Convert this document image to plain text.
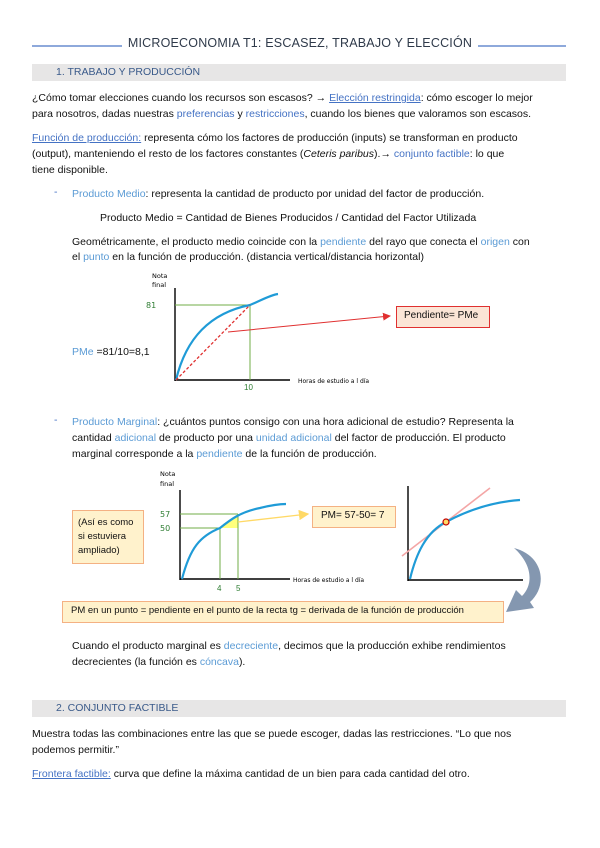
MICROECONOMIA T1: ESCASEZ, TRABAJO Y ELECCIÓN
1. TRABAJO Y PRODUCCIÓN
¿Cómo tomar elecciones cuando los recursos son escasos? → Elección restringida: cómo escoger lo mejor
para nosotros, dadas nuestras preferencias y restricciones, cuando los bienes que valoramos son escasos.
Función de producción: representa cómo los factores de producción (inputs) se transforman en producto
(output), manteniendo el resto de los factores constantes (Ceteris paribus).→ conjunto factible: lo que
tiene disponible.
- Producto Medio: representa la cantidad de producto por unidad del factor de producción.
Producto Medio = Cantidad de Bienes Producidos / Cantidad del Factor Utilizada
Geométricamente, el producto medio coincide con la pendiente del rayo que conecta el origen con
el punto en la función de producción. (distancia vertical/distancia horizontal)
Nota
final
81
Horas de estudio a l día
10
Pendiente= PMe
PMe =81/10=8,1
- Producto Marginal: ¿cuántos puntos consigo con una hora adicional de estudio? Representa la
cantidad adicional de producto por una unidad adicional del factor de producción. El producto
marginal corresponde a la pendiente de la función de producción.
(Así es como
si estuviera
ampliado)
Nota
final
57
50
Horas de estudio a l día
4 5
PM= 57-50= 7
PM en un punto = pendiente en el punto de la recta tg = derivada de la función de producción
Cuando el producto marginal es decreciente, decimos que la producción exhibe rendimientos
decrecientes (la función es cóncava).
2. CONJUNTO FACTIBLE
Muestra todas las combinaciones entre las que se puede escoger, dadas las restricciones. “Lo que nos
podemos permitir.”
Frontera factible: curva que define la máxima cantidad de un bien para cada cantidad del otro.
